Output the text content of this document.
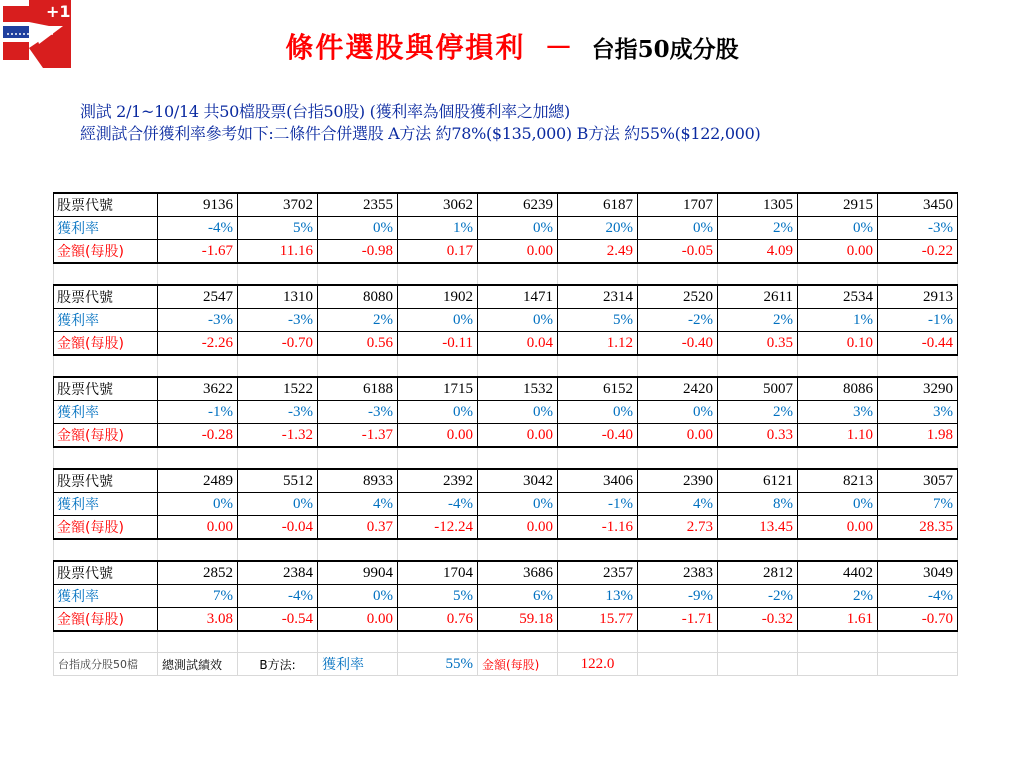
+1
條件選股與停損利 － 台指50成分股
測試 2/1~10/14 共50檔股票(台指50股) (獲利率為個股獲利率之加總)
經測試合併獲利率參考如下:二條件合併選股 A方法 約78%($135,000) B方法 約55%($122,000)
股票代號	9136	3702	2355	3062	6239	6187	1707	1305	2915	3450
獲利率	-4%	5%	0%	1%	0%	20%	0%	2%	0%	-3%
金額(每股)	-1.67	11.16	-0.98	0.17	0.00	2.49	-0.05	4.09	0.00	-0.22

股票代號	2547	1310	8080	1902	1471	2314	2520	2611	2534	2913
獲利率	-3%	-3%	2%	0%	0%	5%	-2%	2%	1%	-1%
金額(每股)	-2.26	-0.70	0.56	-0.11	0.04	1.12	-0.40	0.35	0.10	-0.44

股票代號	3622	1522	6188	1715	1532	6152	2420	5007	8086	3290
獲利率	-1%	-3%	-3%	0%	0%	0%	0%	2%	3%	3%
金額(每股)	-0.28	-1.32	-1.37	0.00	0.00	-0.40	0.00	0.33	1.10	1.98

股票代號	2489	5512	8933	2392	3042	3406	2390	6121	8213	3057
獲利率	0%	0%	4%	-4%	0%	-1%	4%	8%	0%	7%
金額(每股)	0.00	-0.04	0.37	-12.24	0.00	-1.16	2.73	13.45	0.00	28.35

股票代號	2852	2384	9904	1704	3686	2357	2383	2812	4402	3049
獲利率	7%	-4%	0%	5%	6%	13%	-9%	-2%	2%	-4%
金額(每股)	3.08	-0.54	0.00	0.76	59.18	15.77	-1.71	-0.32	1.61	-0.70

台指成分股50檔	總測試績效	B方法:	獲利率	55%	金額(每股)	122.0				
